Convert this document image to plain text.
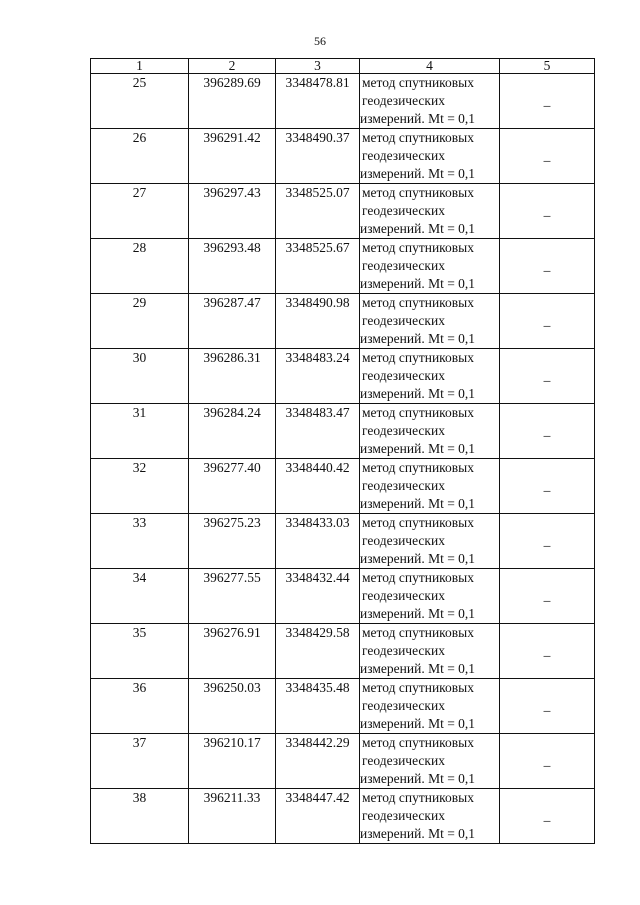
56
1	2	3	4	5
25	396289.69	3348478.81	метод спутниковых
геодезических
измерений. Mt = 0,1	_
26	396291.42	3348490.37	метод спутниковых
геодезических
измерений. Mt = 0,1	_
27	396297.43	3348525.07	метод спутниковых
геодезических
измерений. Mt = 0,1	_
28	396293.48	3348525.67	метод спутниковых
геодезических
измерений. Mt = 0,1	_
29	396287.47	3348490.98	метод спутниковых
геодезических
измерений. Mt = 0,1	_
30	396286.31	3348483.24	метод спутниковых
геодезических
измерений. Mt = 0,1	_
31	396284.24	3348483.47	метод спутниковых
геодезических
измерений. Mt = 0,1	_
32	396277.40	3348440.42	метод спутниковых
геодезических
измерений. Mt = 0,1	_
33	396275.23	3348433.03	метод спутниковых
геодезических
измерений. Mt = 0,1	_
34	396277.55	3348432.44	метод спутниковых
геодезических
измерений. Mt = 0,1	_
35	396276.91	3348429.58	метод спутниковых
геодезических
измерений. Mt = 0,1	_
36	396250.03	3348435.48	метод спутниковых
геодезических
измерений. Mt = 0,1	_
37	396210.17	3348442.29	метод спутниковых
геодезических
измерений. Mt = 0,1	_
38	396211.33	3348447.42	метод спутниковых
геодезических
измерений. Mt = 0,1	_
